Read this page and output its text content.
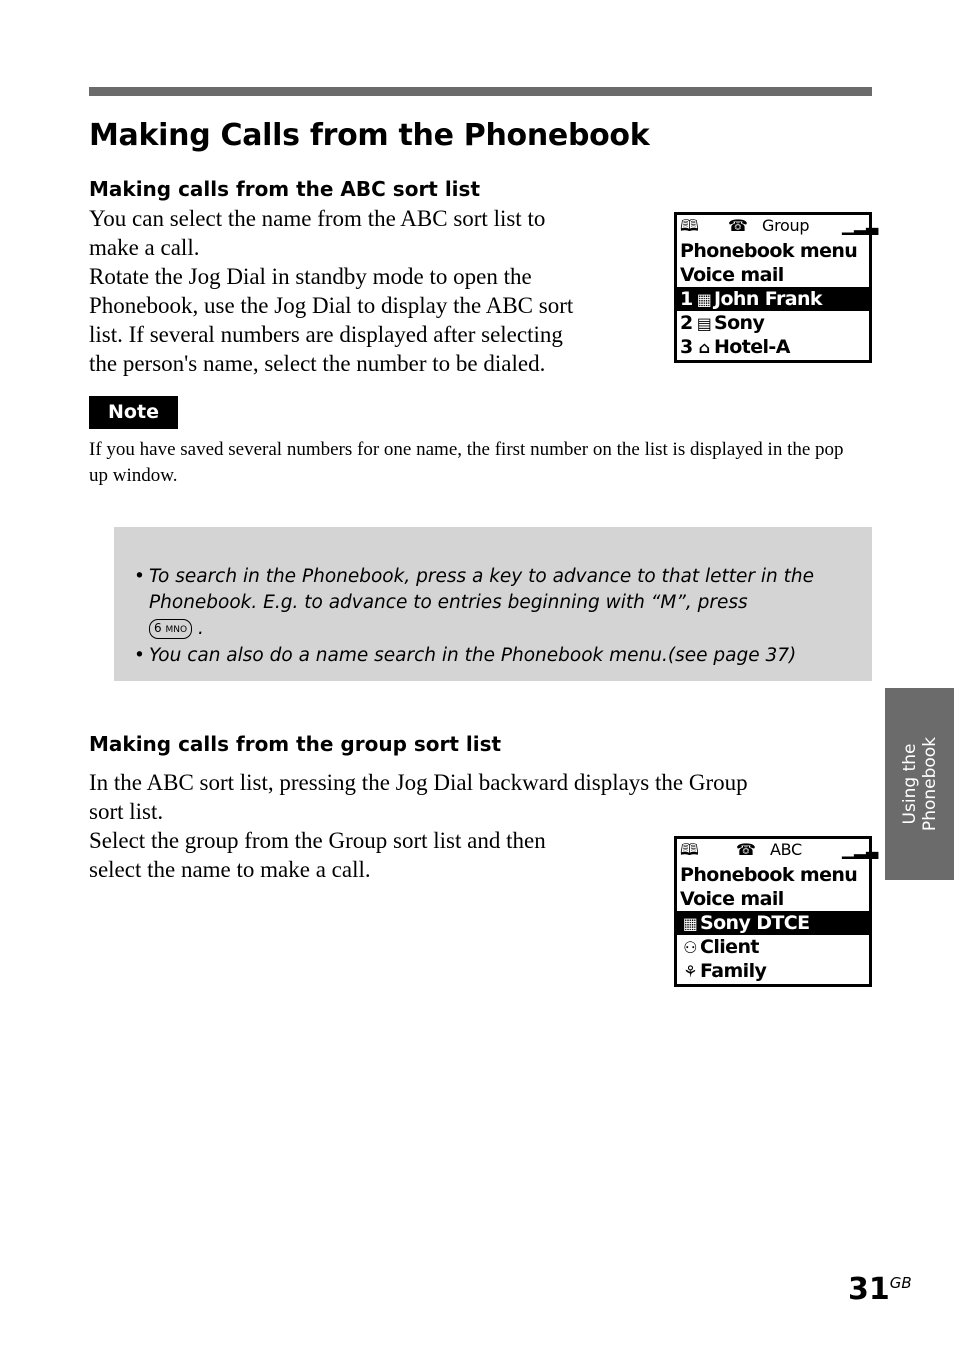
Making Calls from the Phonebook
Making calls from the ABC sort list

You can select the name from the ABC sort list to
make a call.
Rotate the Jog Dial in standby mode to open the
Phonebook, use the Jog Dial to display the ABC sort
list. If several numbers are displayed after selecting
the person's name, select the number to be dialed.

🕮 ☎ Group ▁▂▃
Phonebook menu
Voice mail
1 ▦ John Frank
2 ▤ Sony
3 ⌂ Hotel-A
Note

If you have saved several numbers for one name, the first number on the list is displayed in the pop up window.

• To search in the Phonebook, press a key to advance to that letter in the Phonebook. E.g. to advance to entries beginning with “M”, press
6 MNO .

• You can also do a name search in the Phonebook menu.(see page 37)

Making calls from the group sort list

In the ABC sort list, pressing the Jog Dial backward displays the Group
sort list.
Select the group from the Group sort list and then
select the name to make a call.

🕮 ☎ ABC	▁▂▃
Phonebook menu
Voice mail
▦ Sony DTCE
⚇ Client
⚘ Family
Using the
Phonebook
$31^{GB}$
